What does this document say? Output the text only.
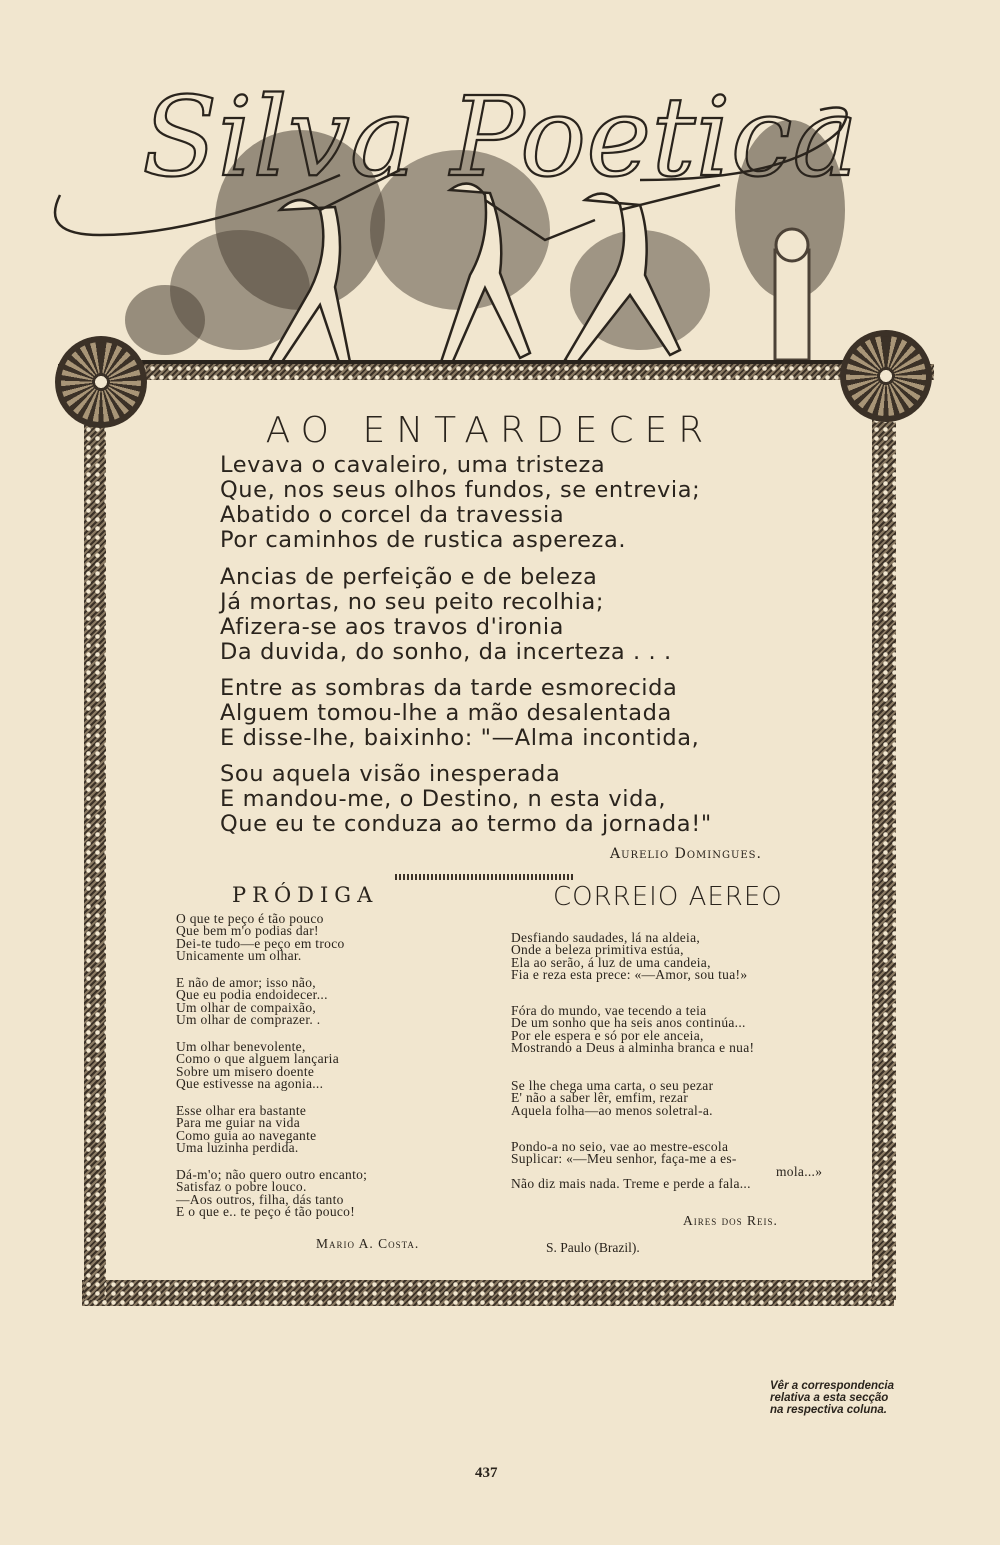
Silva Poetica
AO ENTARDECER
Levava o cavaleiro, uma tristeza
Que, nos seus olhos fundos, se entrevia;
Abatido o corcel da travessia
Por caminhos de rustica aspereza.
Ancias de perfeição e de beleza
Já mortas, no seu peito recolhia;
Afizera-se aos travos d'ironia
Da duvida, do sonho, da incerteza . . .
Entre as sombras da tarde esmorecida
Alguem tomou-lhe a mão desalentada
E disse-lhe, baixinho: "—Alma incontida,
Sou aquela visão inesperada
E mandou-me, o Destino, n esta vida,
Que eu te conduza ao termo da jornada!"
Aurelio Domingues.
PRÓDIGA
O que te peço é tão pouco
Que bem m'o podias dar!
Dei-te tudo—e peço em troco
Unicamente um olhar.
E não de amor; isso não,
Que eu podia endoidecer...
Um olhar de compaixão,
Um olhar de comprazer. .
Um olhar benevolente,
Como o que alguem lançaria
Sobre um misero doente
Que estivesse na agonia...
Esse olhar era bastante
Para me guiar na vida
Como guia ao navegante
Uma luzinha perdida.
Dá-m'o; não quero outro encanto;
Satisfaz o pobre louco.
—Aos outros, filha, dás tanto
E o que e.. te peço é tão pouco!
Mario A. Costa.
CORREIO AEREO
Desfiando saudades, lá na aldeia,
Onde a beleza primitiva estúa,
Ela ao serão, á luz de uma candeia,
Fia e reza esta prece: «—Amor, sou tua!»
Fóra do mundo, vae tecendo a teia
De um sonho que ha seis anos continúa...
Por ele espera e só por ele anceia,
Mostrando a Deus a alminha branca e nua!
Se lhe chega uma carta, o seu pezar
E' não a saber lêr, emfim, rezar
Aquela folha—ao menos soletral-a.
Pondo-a no seio, vae ao mestre-escola
Suplicar: «—Meu senhor, faça-me a es-
mola...»
Não diz mais nada. Treme e perde a fala...
Aires dos Reis.
S. Paulo (Brazil).
Vêr a correspondencia
relativa a esta secção
na respectiva coluna.
437
